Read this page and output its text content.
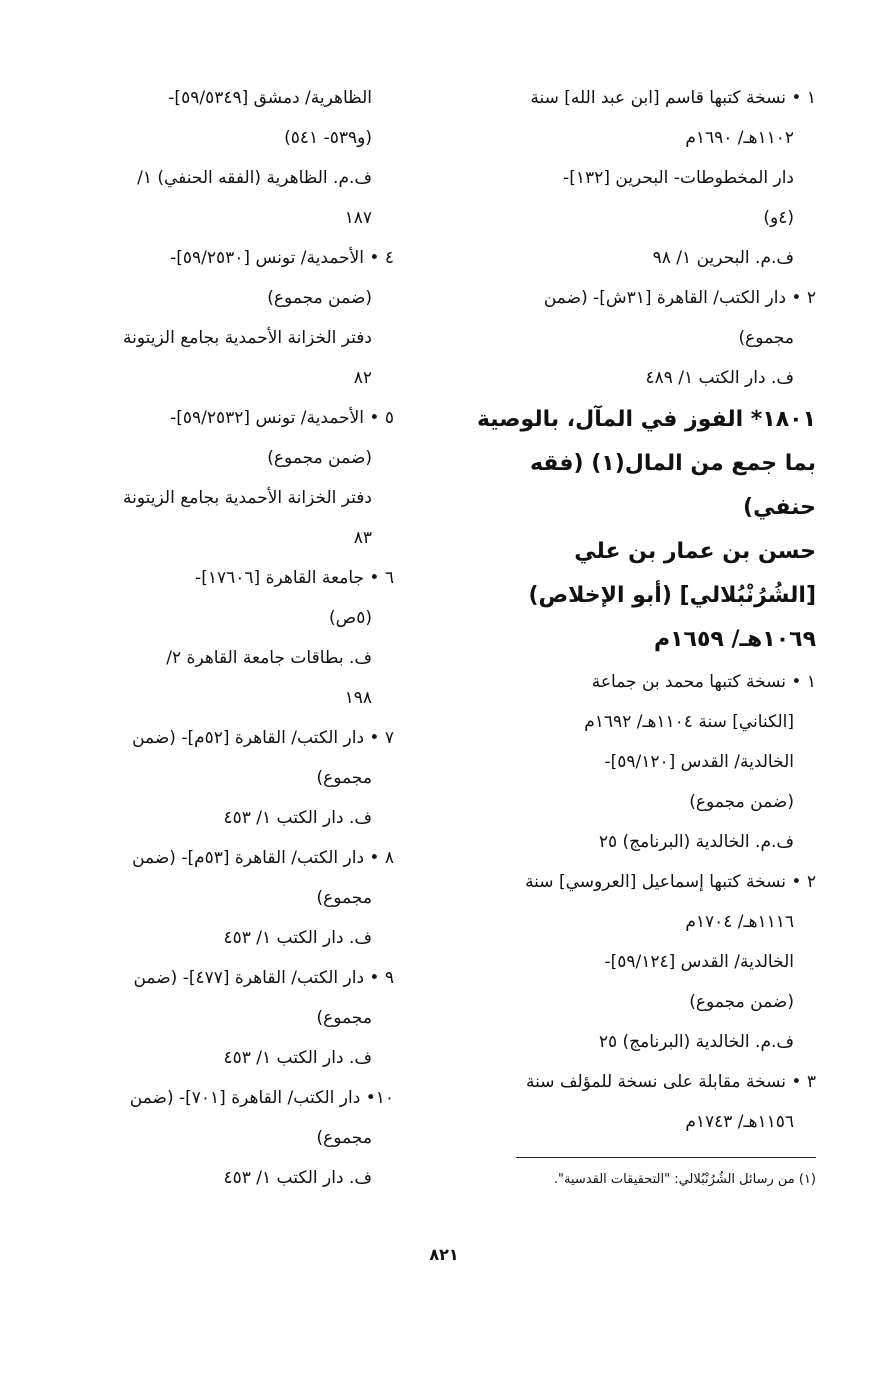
١ • نسخة كتبها قاسم [ابن عبد الله] سنة
١١٠٢هـ/ ١٦٩٠م
دار المخطوطات- البحرين [١٣٢]-
(٤و)
ف.م. البحرين ١/ ٩٨
٢ • دار الكتب/ القاهرة [٣١ش]- (ضمن
مجموع)
ف. دار الكتب ١/ ٤٨٩
١٨٠١* الفوز في المآل، بالوصية
بما جمع من المال(١) (فقه
حنفي)
حسن بن عمار بن علي
[الشُرُنْبُلالي] (أبو الإخلاص)
١٠٦٩هـ/ ١٦٥٩م
١ • نسخة كتبها محمد بن جماعة
[الكناني] سنة ١١٠٤هـ/ ١٦٩٢م
الخالدية/ القدس [٥٩/١٢٠]-
(ضمن مجموع)
ف.م. الخالدية (البرنامج) ٢٥
٢ • نسخة كتبها إسماعيل [العروسي] سنة
١١١٦هـ/ ١٧٠٤م
الخالدية/ القدس [٥٩/١٢٤]-
(ضمن مجموع)
ف.م. الخالدية (البرنامج) ٢٥
٣ • نسخة مقابلة على نسخة للمؤلف سنة
١١٥٦هـ/ ١٧٤٣م
الظاهرية/ دمشق [٥٩/٥٣٤٩]-
(و٥٣٩- ٥٤١)
ف.م. الظاهرية (الفقه الحنفي) ١/
١٨٧
٤ • الأحمدية/ تونس [٥٩/٢٥٣٠]-
(ضمن مجموع)
دفتر الخزانة الأحمدية بجامع الزيتونة
٨٢
٥ • الأحمدية/ تونس [٥٩/٢٥٣٢]-
(ضمن مجموع)
دفتر الخزانة الأحمدية بجامع الزيتونة
٨٣
٦ • جامعة القاهرة [١٧٦٠٦]-
(٥ص)
ف. بطاقات جامعة القاهرة ٢/
١٩٨
٧ • دار الكتب/ القاهرة [٥٢م]- (ضمن
مجموع)
ف. دار الكتب ١/ ٤٥٣
٨ • دار الكتب/ القاهرة [٥٣م]- (ضمن
مجموع)
ف. دار الكتب ١/ ٤٥٣
٩ • دار الكتب/ القاهرة [٤٧٧]- (ضمن
مجموع)
ف. دار الكتب ١/ ٤٥٣
١٠• دار الكتب/ القاهرة [٧٠١]- (ضمن
مجموع)
ف. دار الكتب ١/ ٤٥٣	(١) من رسائل الشُرُنْبُلالي: "التحقيقات القدسية".
٨٢١
